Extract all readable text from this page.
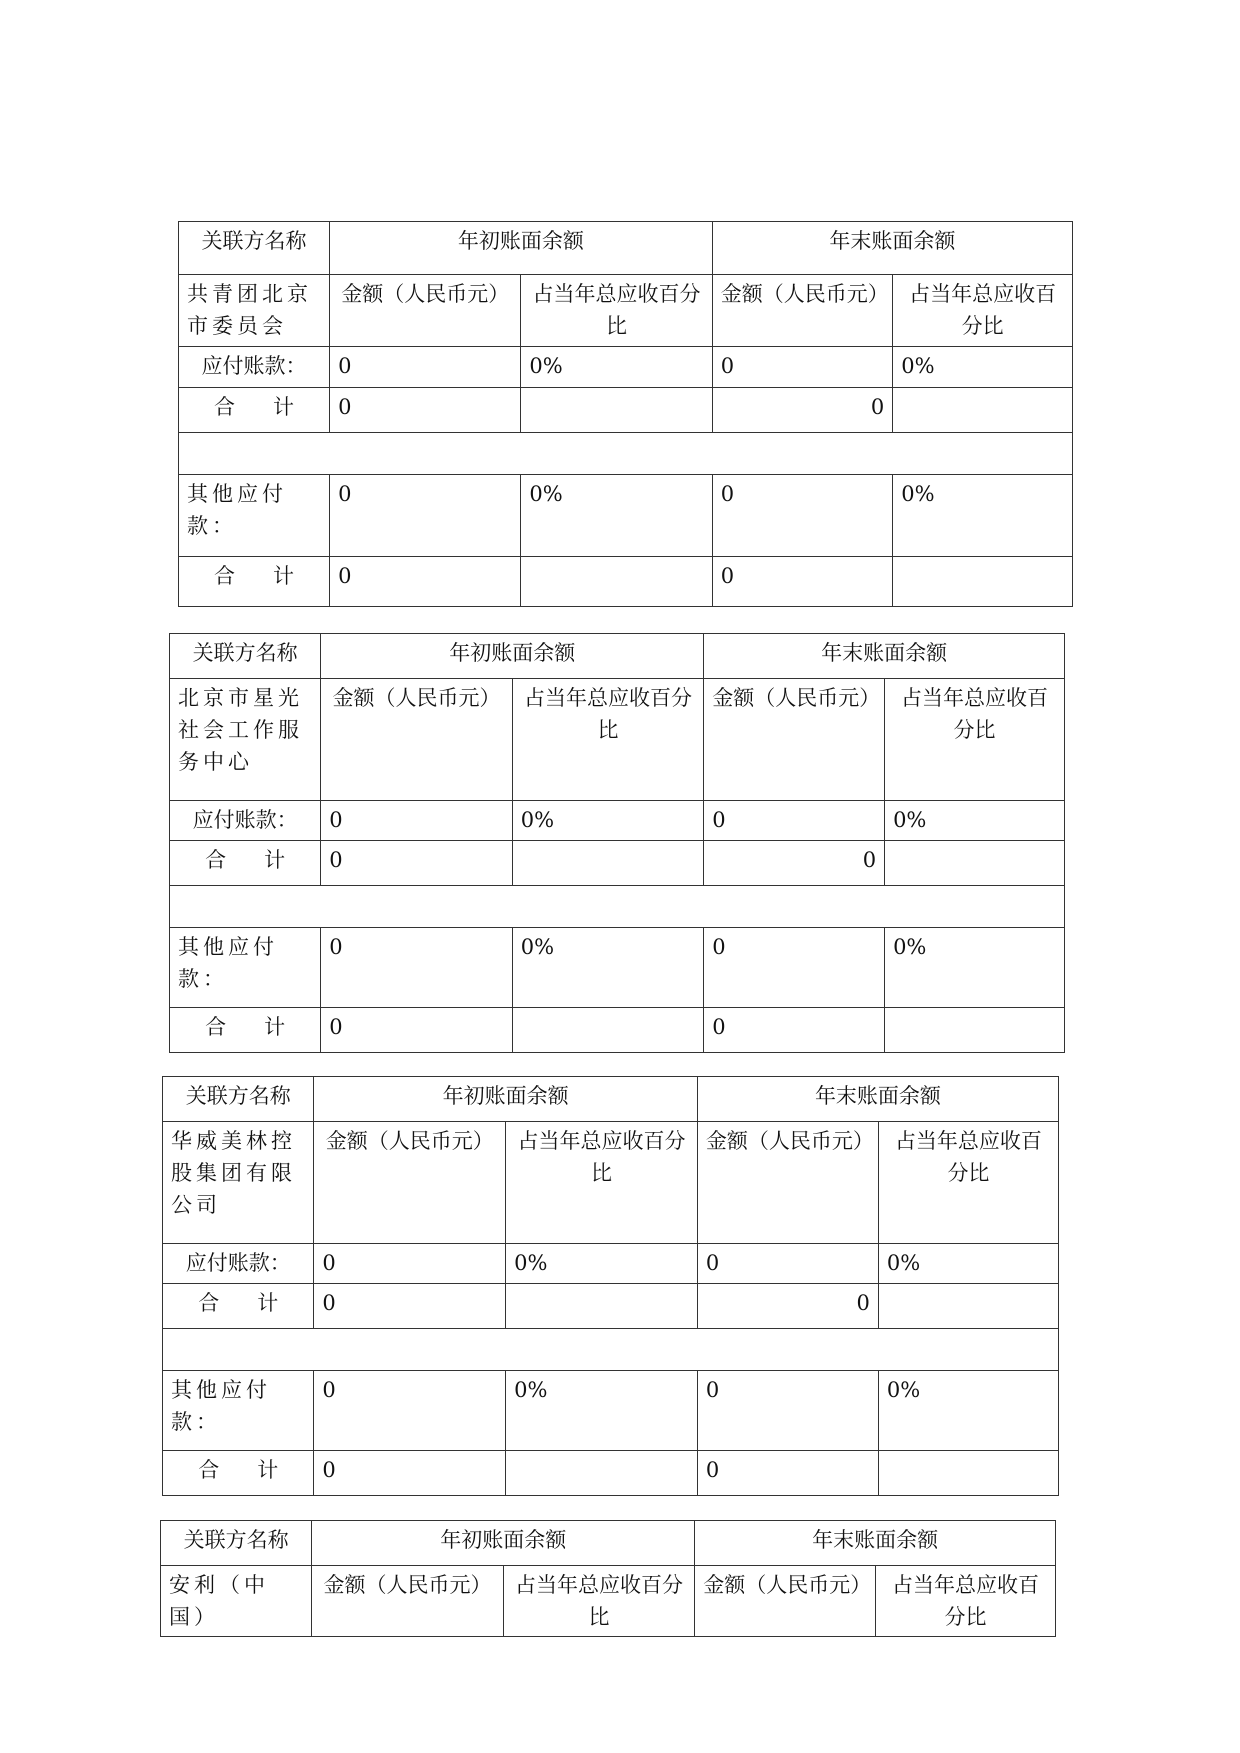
关联方名称	年初账面余额		年末账面余额	
共青团北京市委员会	金额（人民币元）	占当年总应收百分比	金额（人民币元）	占当年总应收百分比
应付账款：	0	0%	0	0%
合计	0		0	

其他应付款：	0	0%	0	0%
合计	0		0	
关联方名称	年初账面余额		年末账面余额	
北京市星光社会工作服务中心	金额（人民币元）	占当年总应收百分比	金额（人民币元）	占当年总应收百分比
应付账款：	0	0%	0	0%
合计	0		0	

其他应付款：	0	0%	0	0%
合计	0		0	
关联方名称	年初账面余额		年末账面余额	
华威美林控股集团有限公司	金额（人民币元）	占当年总应收百分比	金额（人民币元）	占当年总应收百分比
应付账款：	0	0%	0	0%
合计	0		0	

其他应付款：	0	0%	0	0%
合计	0		0	
关联方名称	年初账面余额		年末账面余额	
安利（中国）	金额（人民币元）	占当年总应收百分比	金额（人民币元）	占当年总应收百分比
